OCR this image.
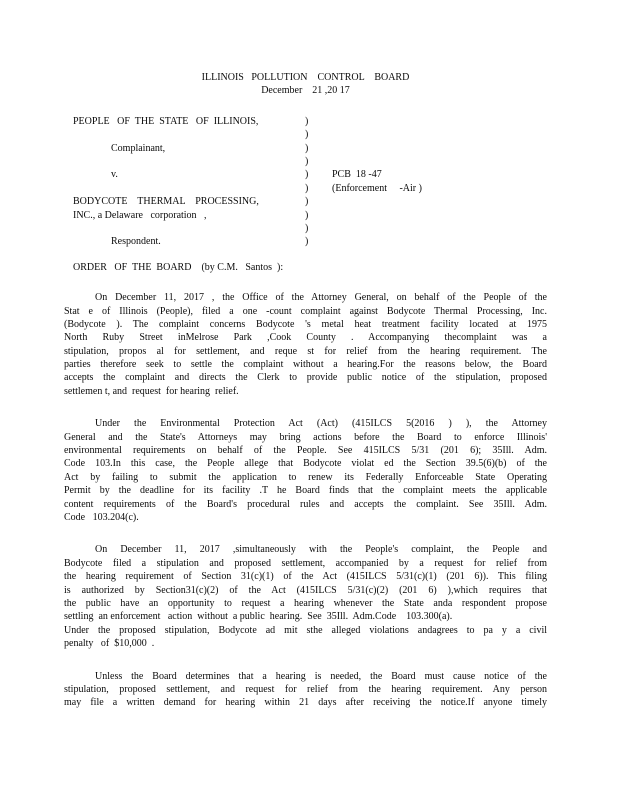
ILLINOIS   POLLUTION    CONTROL    BOARD
December    21 ,20 17
PEOPLE   OF  THE  STATE   OF  ILLINOIS,	)
)
Complainant,	)
)
v.	) PCB  18 -47
) (Enforcement     -Air )
BODYCOTE    THERMAL    PROCESSING,	)
INC., a Delaware   corporation   ,	)
)
Respondent.	)
ORDER   OF  THE  BOARD    (by C.M.   Santos  ):
On December 11, 2017 , the Office of the Attorney General, on behalf of the People of the
Stat e of Illinois (People), filed a one -count complaint against Bodycote Thermal Processing, Inc.
(Bodycote ). The complaint concerns Bodycote 's metal heat treatment facility located at 1975
North Ruby Street inMelrose Park ,Cook County . Accompanying thecomplaint was a
stipulation, propos al for settlement, and reque st for relief from the hearing requirement. The
parties therefore seek to settle the complaint without a hearing.For the reasons below, the Board
accepts the complaint and directs the Clerk to provide public notice of the stipulation, proposed
settlemen t, and  request  for hearing  relief.
Under the Environmental Protection Act (Act) (415ILCS 5(2016 ) ), the Attorney
General and the State's Attorneys may bring actions before the Board to enforce Illinois'
environmental requirements on behalf of the People. See 415ILCS 5/31 (201 6); 35Ill. Adm.
Code 103.In this case, the People allege that Bodycote violat ed the Section 39.5(6)(b) of the
Act by failing to submit the application to renew its Federally Enforceable State Operating
Permit by the deadline for its facility .T he Board finds that the complaint meets the applicable
content requirements of the Board's procedural rules and accepts the complaint. See 35Ill. Adm.
Code   103.204(c).
On December 11, 2017 ,simultaneously with the People's complaint, the People and
Bodycote filed a stipulation and proposed settlement, accompanied by a request for relief from
the hearing requirement of Section 31(c)(1) of the Act (415ILCS 5/31(c)(1) (201 6)). This filing
is authorized by Section31(c)(2) of the Act (415ILCS 5/31(c)(2) (201 6) ),which requires that
the public have an opportunity to request a hearing whenever the State anda respondent propose
settling  an enforcement   action  without  a public  hearing.  See  35Ill.  Adm.Code    103.300(a).
Under the proposed stipulation, Bodycote ad mit sthe alleged violations andagrees to pa y a civil
penalty   of  $10,000  .
Unless the Board determines that a hearing is needed, the Board must cause notice of the
stipulation, proposed settlement, and request for relief from the hearing requirement. Any person
may file a written demand for hearing within 21 days after receiving the notice.If anyone timely
